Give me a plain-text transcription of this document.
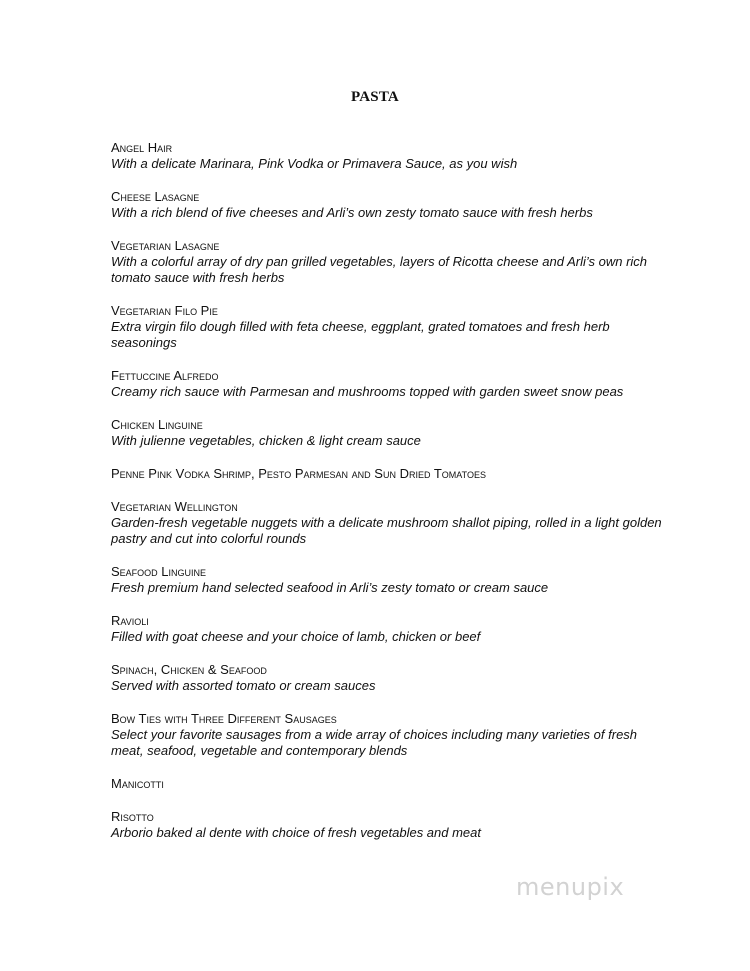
PASTA
Angel Hair
With a delicate Marinara, Pink Vodka or Primavera Sauce, as you wish
Cheese Lasagne
With a rich blend of five cheeses and Arli’s own zesty tomato sauce with fresh herbs
Vegetarian Lasagne
With a colorful array of dry pan grilled vegetables, layers of Ricotta cheese and Arli’s own rich tomato sauce with fresh herbs
Vegetarian Filo Pie
Extra virgin filo dough filled with feta cheese, eggplant, grated tomatoes and fresh herb seasonings
Fettuccine Alfredo
Creamy rich sauce with Parmesan and mushrooms topped with garden sweet snow peas
Chicken Linguine
With julienne vegetables, chicken & light cream sauce
Penne Pink Vodka Shrimp, Pesto Parmesan and Sun Dried Tomatoes
Vegetarian Wellington
Garden-fresh vegetable nuggets with a delicate mushroom shallot piping, rolled in a light golden pastry and cut into colorful rounds
Seafood Linguine
Fresh premium hand selected seafood in Arli’s zesty tomato or cream sauce
Ravioli
Filled with goat cheese and your choice of lamb, chicken or beef
Spinach, Chicken & Seafood
Served with assorted tomato or cream sauces
Bow Ties with Three Different Sausages
Select your favorite sausages from a wide array of choices including many varieties of fresh meat, seafood, vegetable and contemporary blends
Manicotti
Risotto
Arborio baked al dente with choice of fresh vegetables and meat
menupix
